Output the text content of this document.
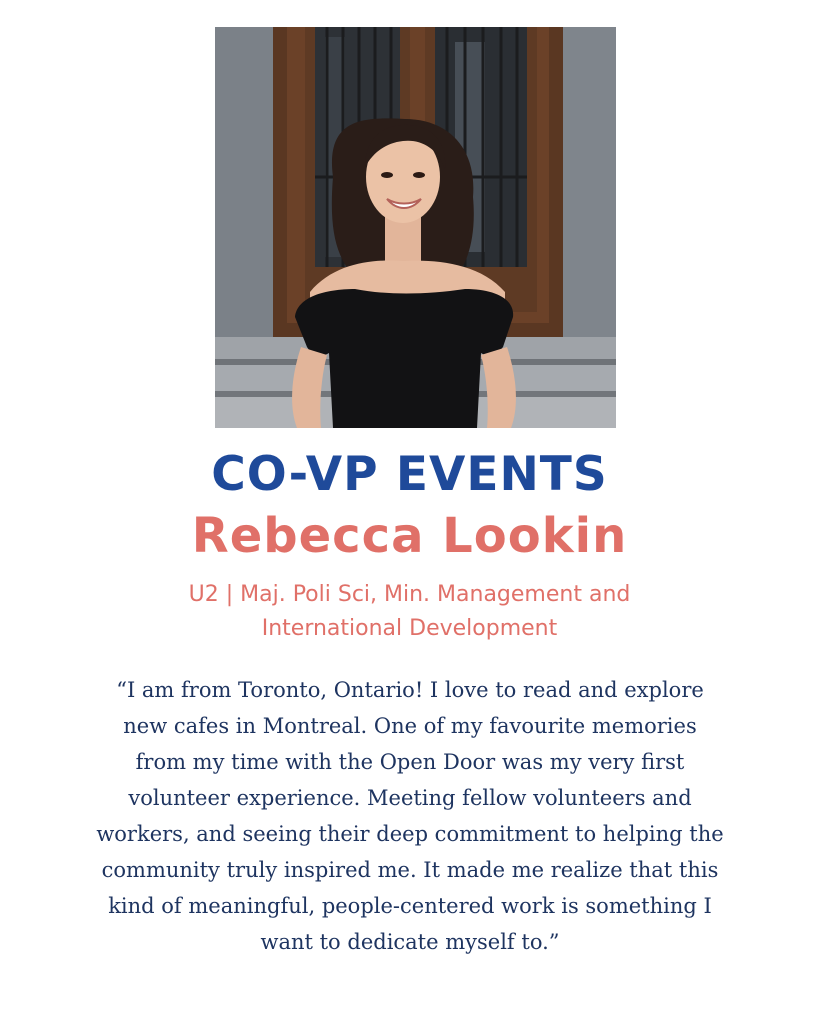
CO-VP EVENTS
Rebecca Lookin

U2 | Maj. Poli Sci, Min. Management and
International Development

“I am from Toronto, Ontario! I love to read and explore new cafes in Montreal. One of my favourite memories from my time with the Open Door was my very first volunteer experience. Meeting fellow volunteers and workers, and seeing their deep commitment to helping the community truly inspired me. It made me realize that this kind of meaningful, people-centered work is something I want to dedicate myself to.”
